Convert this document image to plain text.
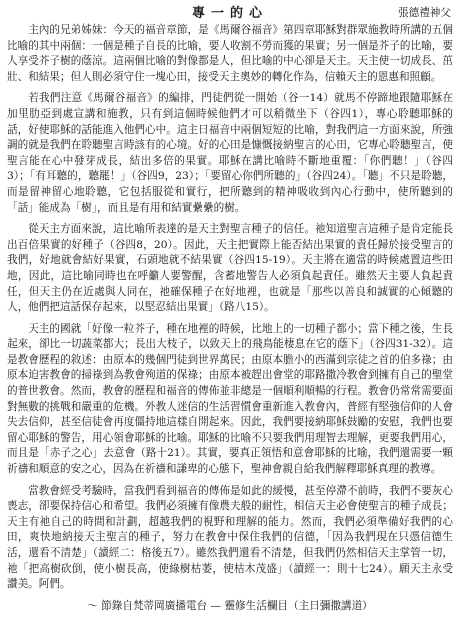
專一的心	張德禮神父

主內的兄弟姊妹：今天的福音章節，是《馬爾谷福音》第四章耶穌對群眾施教時所講的五個比喻的其中兩個：一個是種子自長的比喻，要人收割不勞而獲的果實；另一個是芥子的比喻，要人享受芥子樹的蔭涼。這兩個比喻的對像都是人，但比喻的中心卻是天主。天主使一切成長、茁壯、和結果；但人則必須守住一塊心田，接受天主奧妙的轉化作為，信賴天主的恩惠和照顧。

若我們注意《馬爾谷福音》的編排，門徒們從一開始（谷一14）就馬不停蹄地跟隨耶穌在加里肋亞到處宣講和施教，只有到這個時候他們才可以稍微坐下（谷四1），專心聆聽耶穌的話，好使耶穌的話能進入他們心中。這主日福音中兩個短短的比喻，對我們這一方面來說，所強調的就是我們在聆聽聖言時該有的心境。好的心田是慷慨接納聖言的心田，它專心聆聽聖言，使聖言能在心中發芽成長，結出多倍的果實。耶穌在講比喻時不斷地重覆：「你們聽！」（谷四3）；「有耳聽的，聽罷！」（谷四9，23）；「要留心你們所聽的」（谷四24）。「聽」不只是聆聽，而是留神留心地聆聽，它包括服從和實行，把所聽到的精神吸收到內心行動中，使所聽到的「話」能成為「樹」，而且是有用和結實纍纍的樹。

從天主方面來說，這比喻所表達的是天主對聖言種子的信任。祂知道聖言這種子是肯定能長出百倍果實的好種子（谷四8，20）。因此，天主把實際上能否結出果實的責任歸於接受聖言的我們，好地就會結好果實，石頭地就不結果實（谷四15-19）。天主將在適當的時候處置這些田地，因此，這比喻同時也在呼籲人要警醒，含蓄地警告人必須負起責任。雖然天主要人負起責任，但天主仍在近處與人同在，祂確保種子在好地裡，也就是「那些以善良和誠實的心傾聽的人，他們把這話保存起來，以堅忍結出果實」（路八15）。

天主的國就「好像一粒芥子，種在地裡的時候，比地上的一切種子都小；當下種之後，生長起來，卻比一切蔬菜都大；長出大枝子，以致天上的飛鳥能棲息在它的蔭下」（谷四31-32）。這是教會歷程的敘述：由原本的幾個門徒到世界萬民；由原本膽小的西滿到宗徒之首的伯多祿；由原本迫害教會的掃祿到為教會殉道的保祿；由原本被趕出會堂的耶路撒冷教會到擁有自己的聖堂的普世教會。然而，教會的歷程和福音的傳佈並非總是一個順利順暢的行程。教會仍常常需要面對無數的挑戰和嚴重的危機。外教人迷信的生活習慣會重新進入教會內，普經有堅強信仰的人會失去信仰，甚至信徒會再度僵持地這樣自開起來。因此，我們要接納耶穌鼓勵的安慰，我們也要留心耶穌的警告，用心領會耶穌的比喻。耶穌的比喻不只要我們用理智去理解，更要我們用心，而且是「赤子之心」去意會（路十21）。其實，要真正領悟和意會耶穌的比喻，我們還需要一顆祈禱和順意的安之心，因為在祈禱和謙卑的心態下，聖神會親自給我們解釋耶穌真理的教導。

當教會經受考驗時，當我們看到福音的傳佈是如此的緩慢，甚至停滯不前時，我們不要灰心喪志，卻要保持信心和希望。我們必須擁有像農夫般的耐性，相信天主必會使聖言的種子成長；天主有祂自己的時間和計劃，超越我們的視野和理解的能力。然而，我們必須準備好我們的心田，爽快地納接天主聖言的種子，努力在教會中保住我們的信德，「因為我們現在只憑信德生活，還看不清楚」（讀經二：格後五7）。雖然我們還看不清楚，但我們仍然相信天主掌管一切，祂「把高樹砍倒，使小樹長高，使綠樹枯萎，使枯木茂盛」（讀經一：則十七24）。願天主永受讚美。阿們。

～ 節錄自梵蒂岡廣播電台 — 靈修生活欄目（主日彌撒講道）
